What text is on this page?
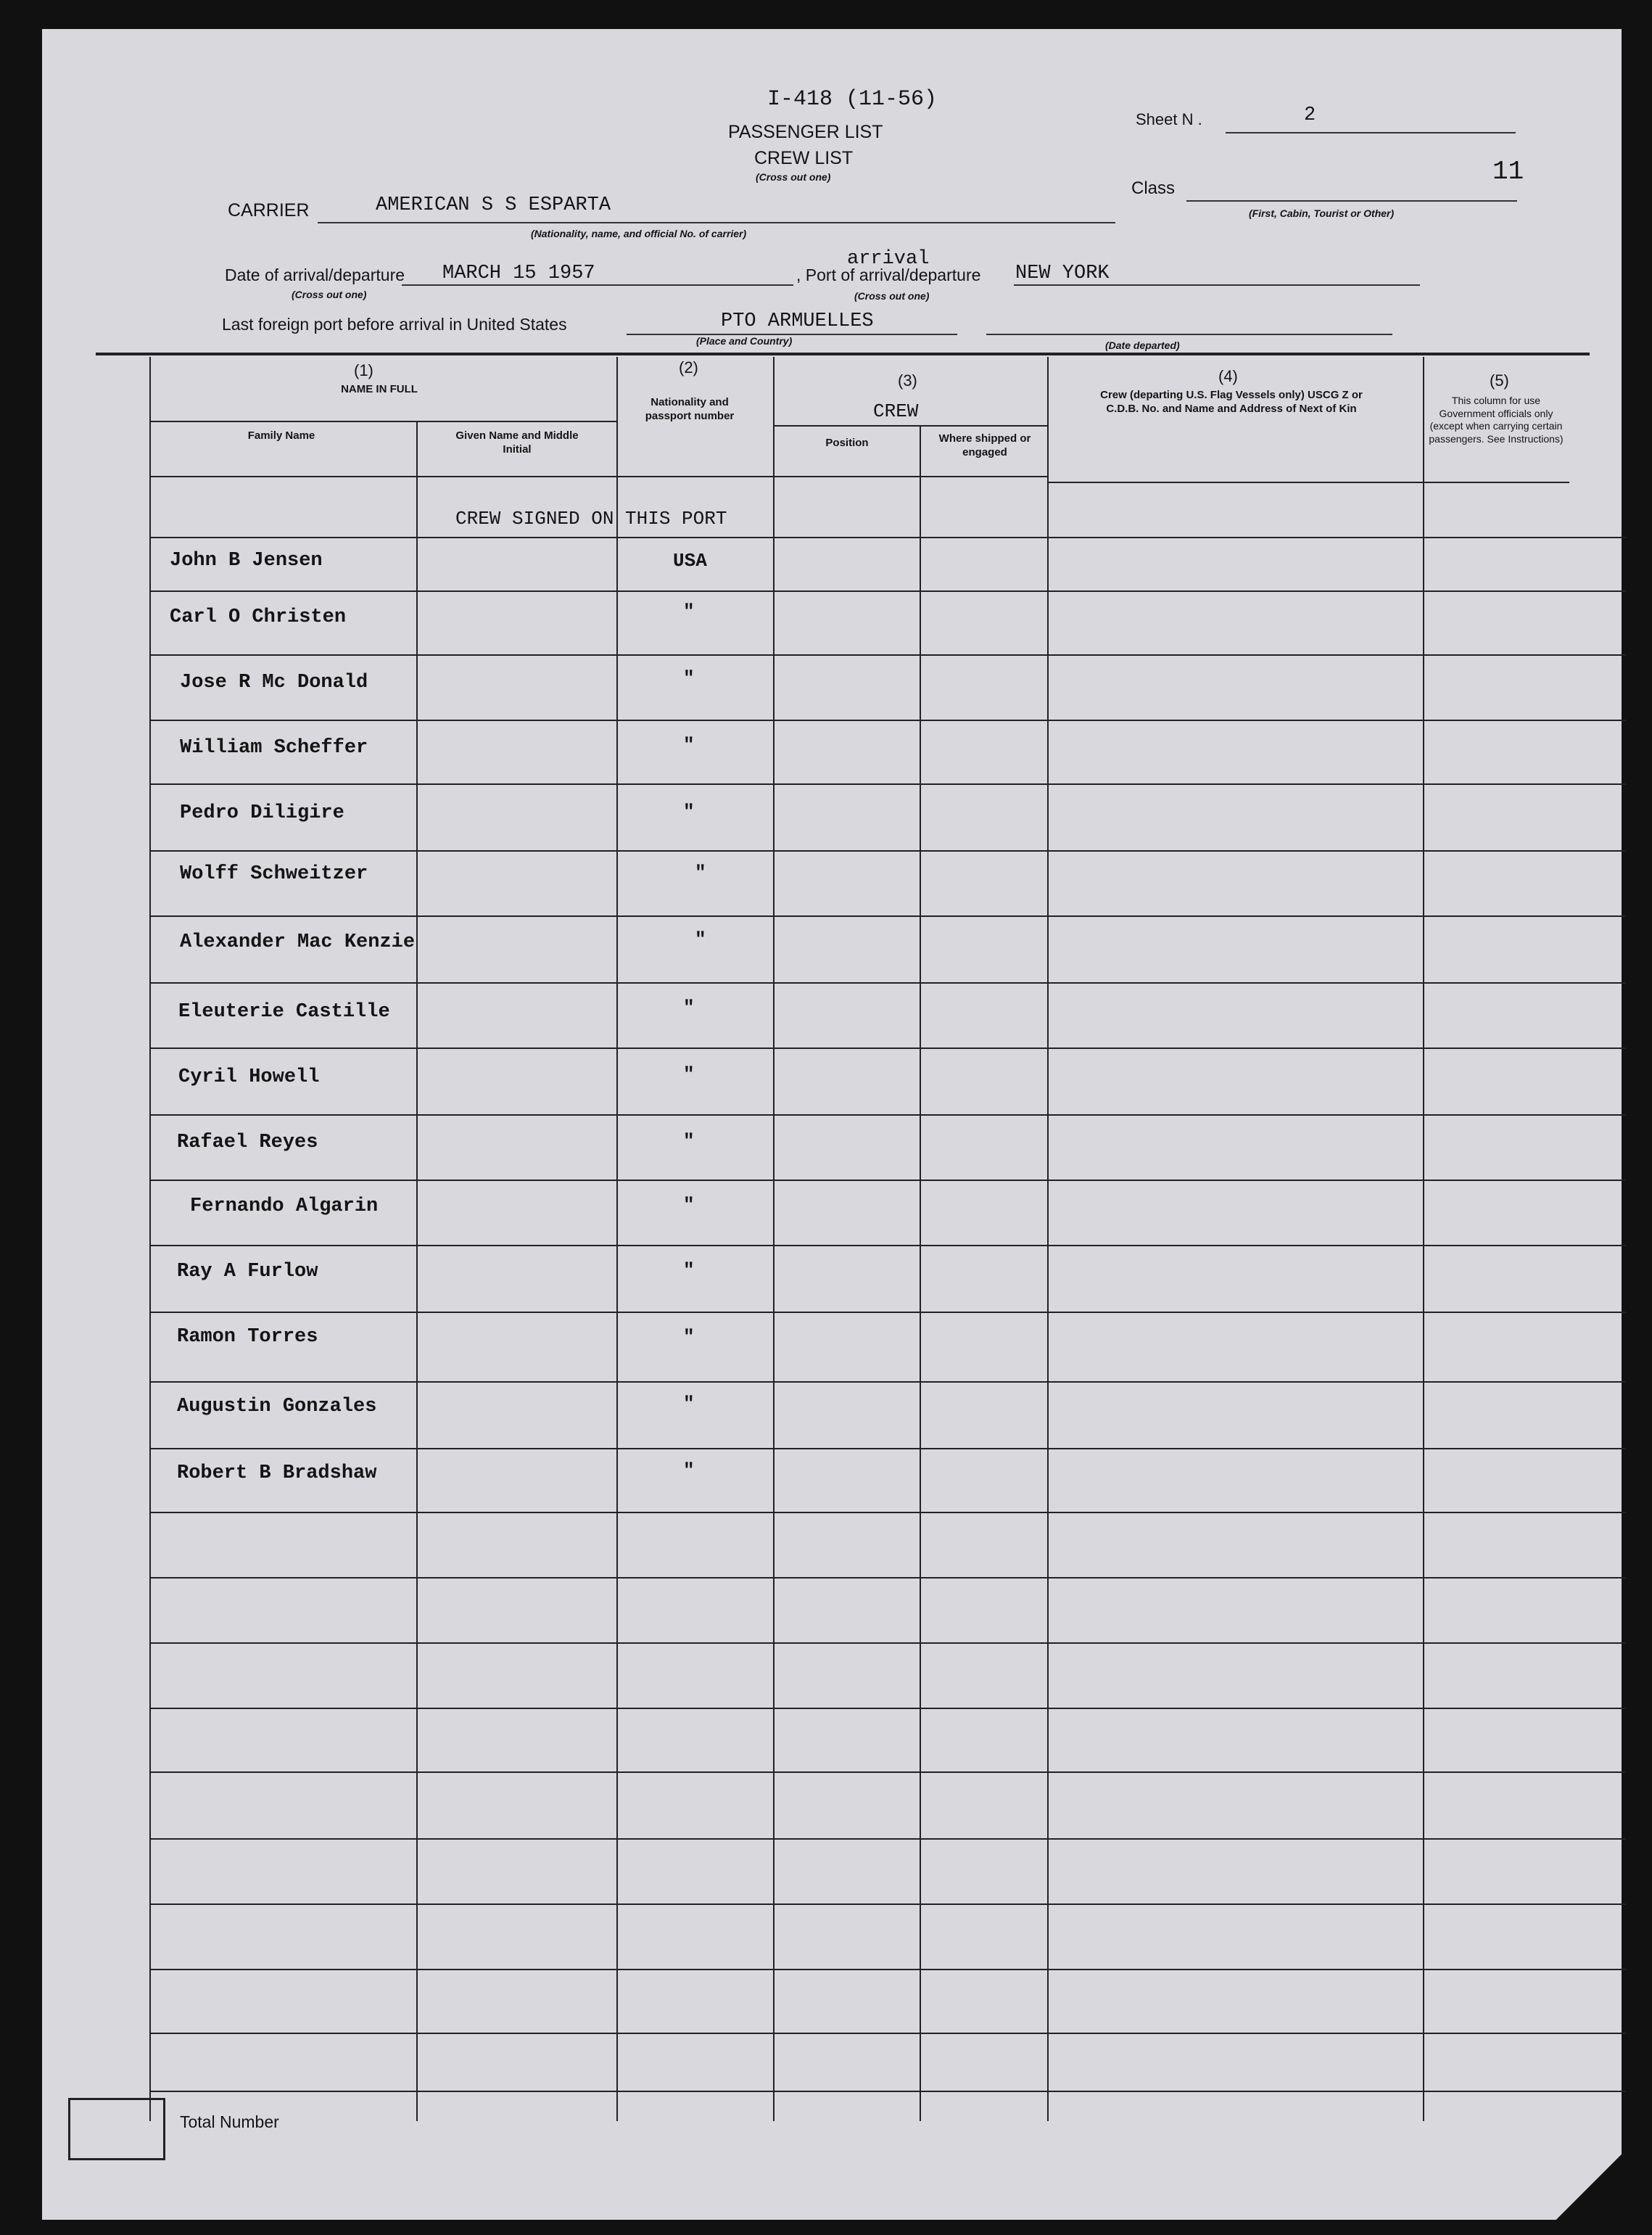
I-418 (11-56)
PASSENGER LIST
CREW LIST
(Cross out one)
Sheet N .	2
Class
11
(First, Cabin, Tourist or Other)
CARRIER	AMERICAN S S ESPARTA
(Nationality, name, and official No. of carrier)
Date of arrival/departure MARCH 15 1957
(Cross out one)
, Port of arrival/departure
arrival
NEW YORK
(Cross out one)
Last foreign port before arrival in United States	PTO ARMUELLES
(Place and Country)	(Date departed)
(1)
NAME IN FULL
Family Name	Given Name and Middle Initial
(2)
Nationality and passport number
(3)
CREW
Position	Where shipped or engaged
(4)
Crew (departing U.S. Flag Vessels only) USCG Z or C.D.B. No. and Name and Address of Next of Kin
(5)
This column for use Government officials only (except when carrying certain passengers. See Instructions)
CREW SIGNED ON THIS PORT
John B Jensen	USA
Carl O Christen	"
Jose R Mc Donald	"
William Scheffer	"
Pedro Diligire	"
Wolff Schweitzer	"
Alexander Mac Kenzie	"
Eleuterie Castille	"
Cyril Howell	"
Rafael Reyes	"
Fernando Algarin	"
Ray A Furlow	"
Ramon Torres	"
Augustin Gonzales	"
Robert B Bradshaw	"
Total Number
